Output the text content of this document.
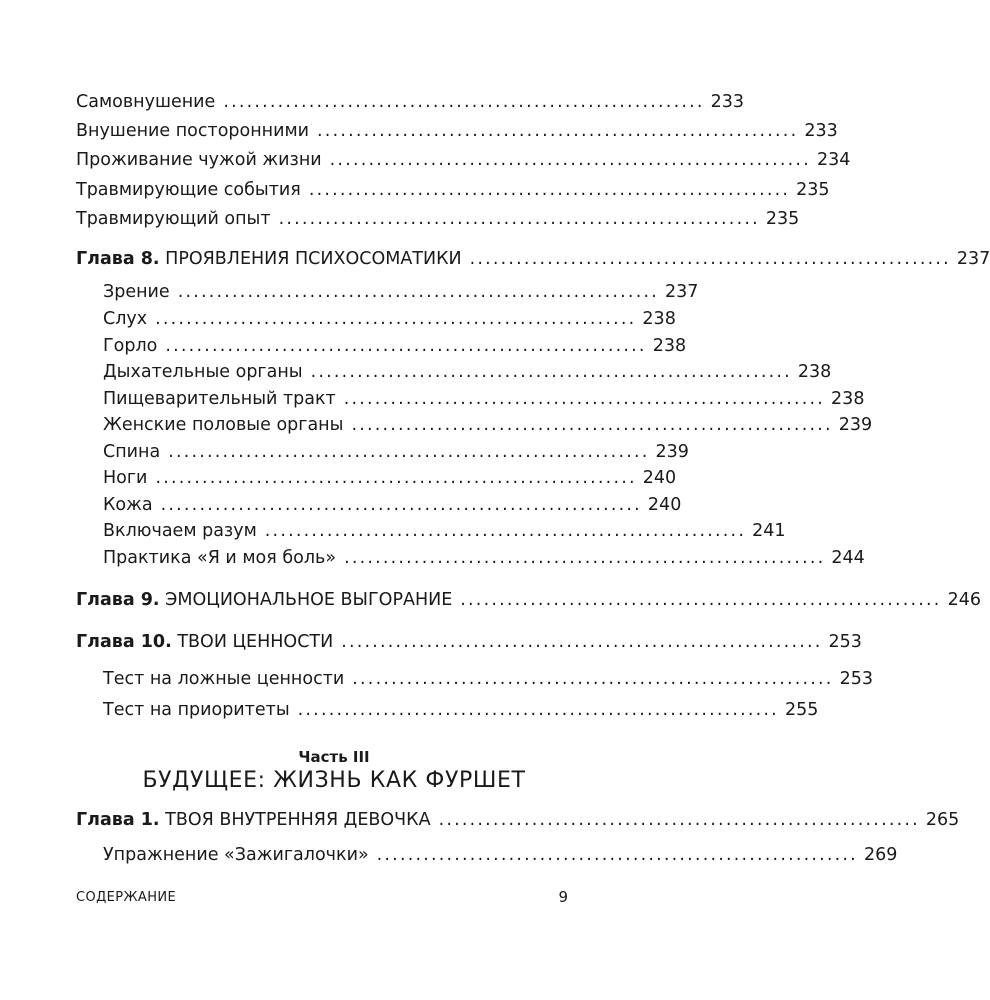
Самовнушение .............................................................. 233
Внушение посторонними .............................................................. 233
Проживание чужой жизни .............................................................. 234
Травмирующие события .............................................................. 235
Травмирующий опыт .............................................................. 235
Глава 8. ПРОЯВЛЕНИЯ ПСИХОСОМАТИКИ .............................................................. 237
Зрение .............................................................. 237
Слух .............................................................. 238
Горло .............................................................. 238
Дыхательные органы .............................................................. 238
Пищеварительный тракт .............................................................. 238
Женские половые органы .............................................................. 239
Спина .............................................................. 239
Ноги .............................................................. 240
Кожа .............................................................. 240
Включаем разум .............................................................. 241
Практика «Я и моя боль» .............................................................. 244
Глава 9. ЭМОЦИОНАЛЬНОЕ ВЫГОРАНИЕ .............................................................. 246
Глава 10. ТВОИ ЦЕННОСТИ .............................................................. 253
Тест на ложные ценности .............................................................. 253
Тест на приоритеты .............................................................. 255
Часть III
БУДУЩЕЕ: ЖИЗНЬ КАК ФУРШЕТ
Глава 1. ТВОЯ ВНУТРЕННЯЯ ДЕВОЧКА .............................................................. 265
Упражнение «Зажигалочки» .............................................................. 269
СОДЕРЖАНИЕ	9
